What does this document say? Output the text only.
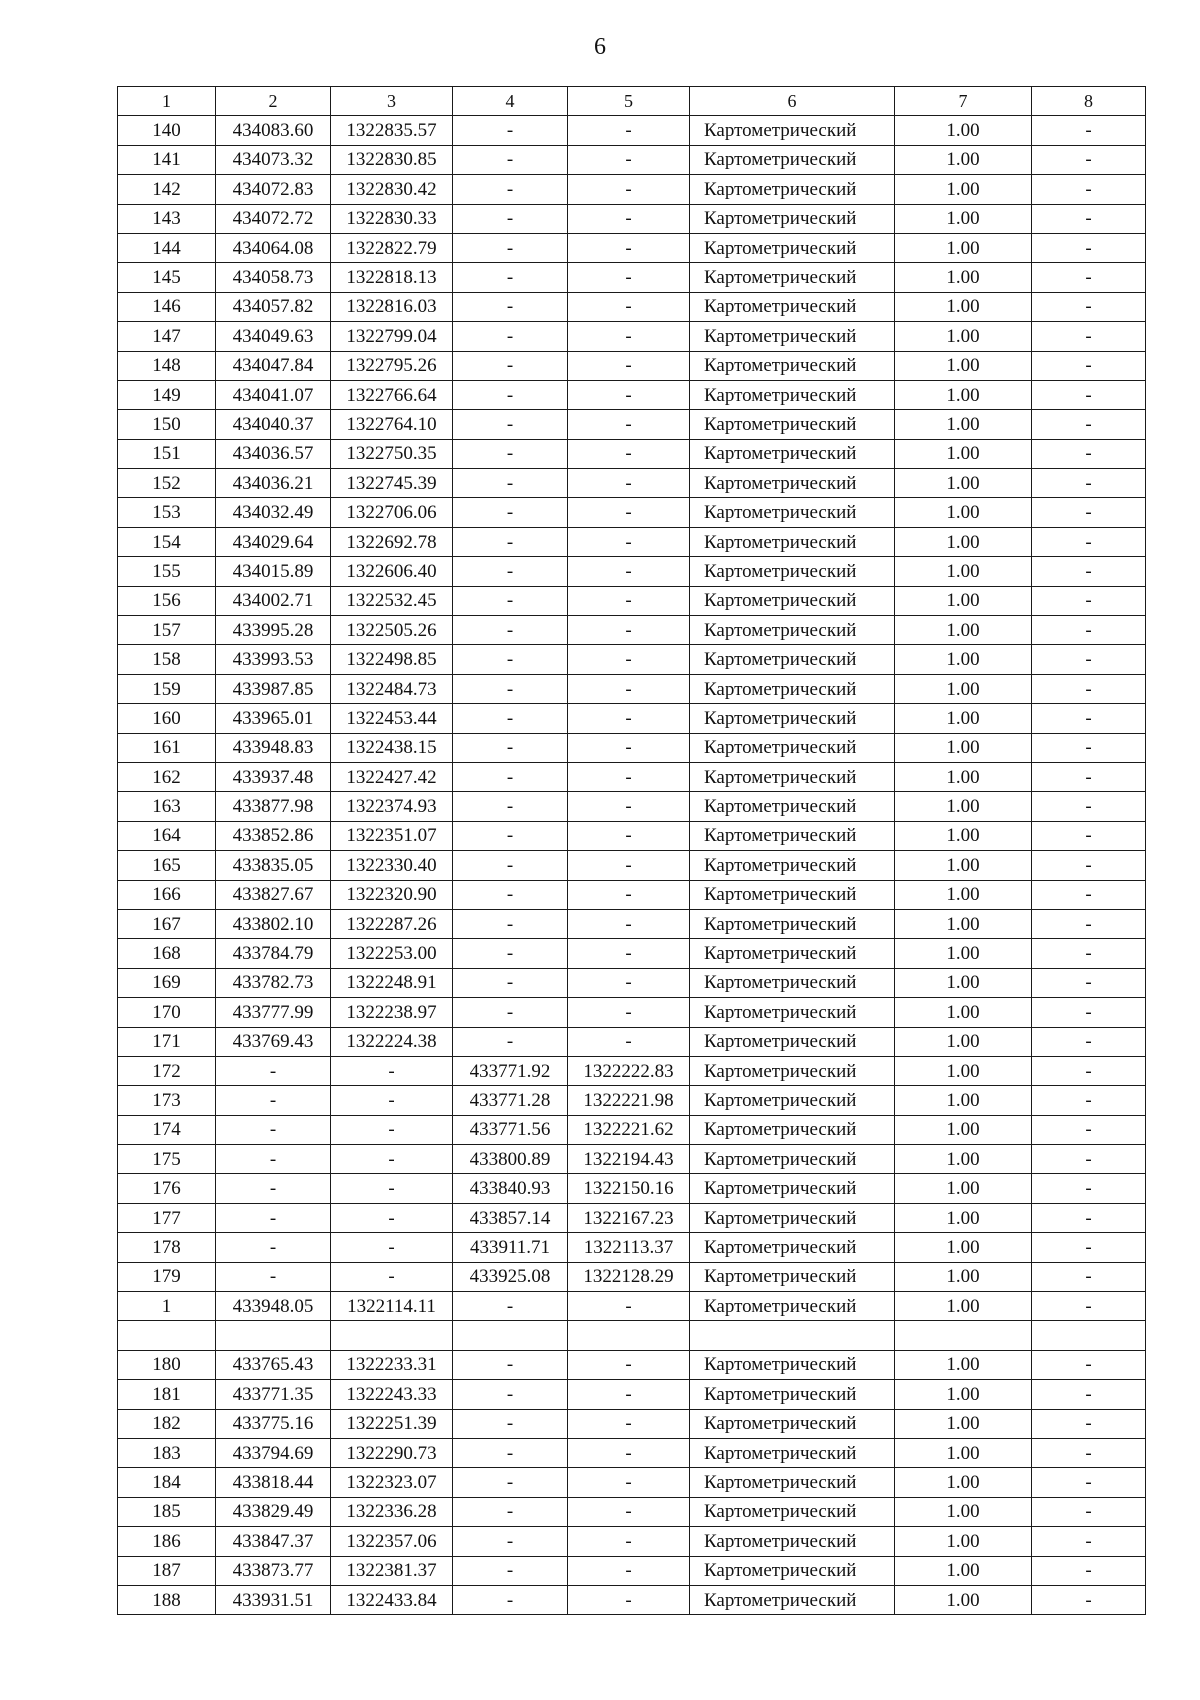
6
1	2	3	4	5	6	7	8
140	434083.60	1322835.57	-	-	Картометрический	1.00	-
141	434073.32	1322830.85	-	-	Картометрический	1.00	-
142	434072.83	1322830.42	-	-	Картометрический	1.00	-
143	434072.72	1322830.33	-	-	Картометрический	1.00	-
144	434064.08	1322822.79	-	-	Картометрический	1.00	-
145	434058.73	1322818.13	-	-	Картометрический	1.00	-
146	434057.82	1322816.03	-	-	Картометрический	1.00	-
147	434049.63	1322799.04	-	-	Картометрический	1.00	-
148	434047.84	1322795.26	-	-	Картометрический	1.00	-
149	434041.07	1322766.64	-	-	Картометрический	1.00	-
150	434040.37	1322764.10	-	-	Картометрический	1.00	-
151	434036.57	1322750.35	-	-	Картометрический	1.00	-
152	434036.21	1322745.39	-	-	Картометрический	1.00	-
153	434032.49	1322706.06	-	-	Картометрический	1.00	-
154	434029.64	1322692.78	-	-	Картометрический	1.00	-
155	434015.89	1322606.40	-	-	Картометрический	1.00	-
156	434002.71	1322532.45	-	-	Картометрический	1.00	-
157	433995.28	1322505.26	-	-	Картометрический	1.00	-
158	433993.53	1322498.85	-	-	Картометрический	1.00	-
159	433987.85	1322484.73	-	-	Картометрический	1.00	-
160	433965.01	1322453.44	-	-	Картометрический	1.00	-
161	433948.83	1322438.15	-	-	Картометрический	1.00	-
162	433937.48	1322427.42	-	-	Картометрический	1.00	-
163	433877.98	1322374.93	-	-	Картометрический	1.00	-
164	433852.86	1322351.07	-	-	Картометрический	1.00	-
165	433835.05	1322330.40	-	-	Картометрический	1.00	-
166	433827.67	1322320.90	-	-	Картометрический	1.00	-
167	433802.10	1322287.26	-	-	Картометрический	1.00	-
168	433784.79	1322253.00	-	-	Картометрический	1.00	-
169	433782.73	1322248.91	-	-	Картометрический	1.00	-
170	433777.99	1322238.97	-	-	Картометрический	1.00	-
171	433769.43	1322224.38	-	-	Картометрический	1.00	-
172	-	-	433771.92	1322222.83	Картометрический	1.00	-
173	-	-	433771.28	1322221.98	Картометрический	1.00	-
174	-	-	433771.56	1322221.62	Картометрический	1.00	-
175	-	-	433800.89	1322194.43	Картометрический	1.00	-
176	-	-	433840.93	1322150.16	Картометрический	1.00	-
177	-	-	433857.14	1322167.23	Картометрический	1.00	-
178	-	-	433911.71	1322113.37	Картометрический	1.00	-
179	-	-	433925.08	1322128.29	Картометрический	1.00	-
1	433948.05	1322114.11	-	-	Картометрический	1.00	-

180	433765.43	1322233.31	-	-	Картометрический	1.00	-
181	433771.35	1322243.33	-	-	Картометрический	1.00	-
182	433775.16	1322251.39	-	-	Картометрический	1.00	-
183	433794.69	1322290.73	-	-	Картометрический	1.00	-
184	433818.44	1322323.07	-	-	Картометрический	1.00	-
185	433829.49	1322336.28	-	-	Картометрический	1.00	-
186	433847.37	1322357.06	-	-	Картометрический	1.00	-
187	433873.77	1322381.37	-	-	Картометрический	1.00	-
188	433931.51	1322433.84	-	-	Картометрический	1.00	-
